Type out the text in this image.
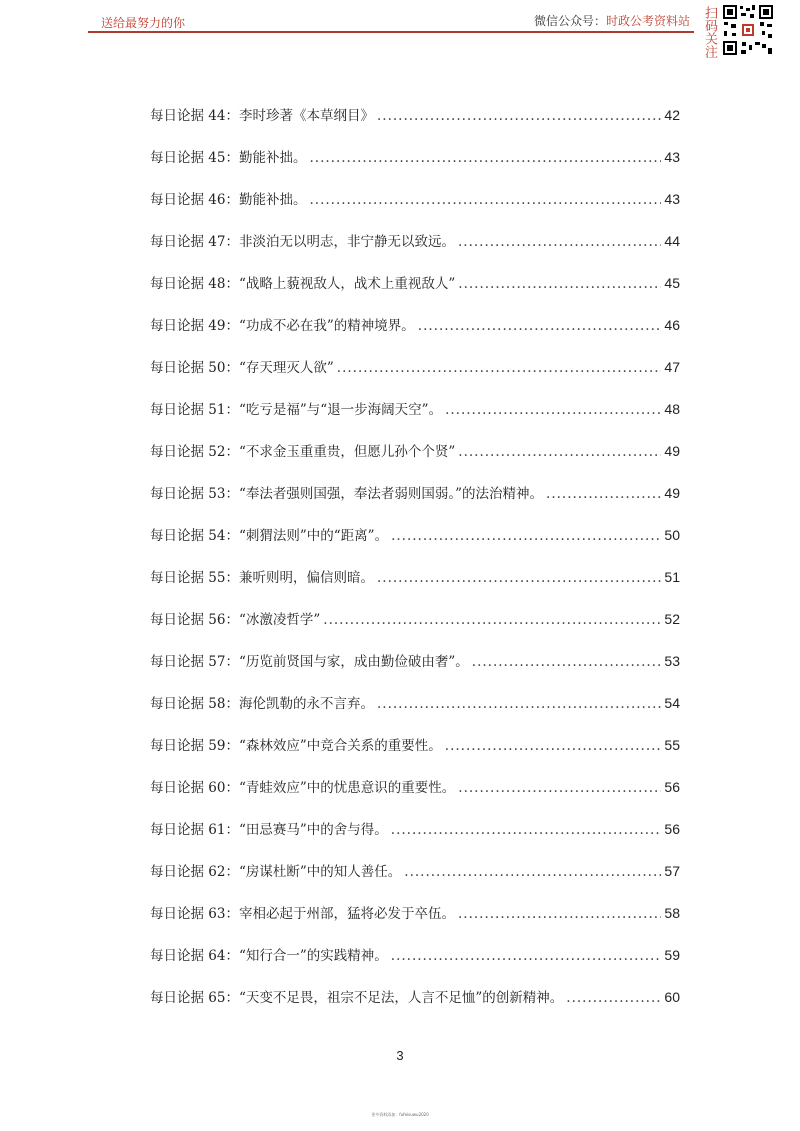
送给最努力的你	微信公众号：时政公考资料站 扫码关注
每日论据 44：李时珍著《本草纲目》 .....	42
每日论据 45：勤能补拙。 .....	43
每日论据 46：勤能补拙。 .....	43
每日论据 47：非淡泊无以明志，非宁静无以致远。 .....	44
每日论据 48：“战略上藐视敌人，战术上重视敌人” .....	45
每日论据 49：“功成不必在我”的精神境界。 .....	46
每日论据 50：“存天理灭人欲” .....	47
每日论据 51：“吃亏是福”与“退一步海阔天空”。 .....	48
每日论据 52：“不求金玉重重贵，但愿儿孙个个贤” .....	49
每日论据 53：“奉法者强则国强，奉法者弱则国弱。”的法治精神。 .....	49
每日论据 54：“刺猬法则”中的“距离”。 .....	50
每日论据 55：兼听则明，偏信则暗。 .....	51
每日论据 56：“冰激凌哲学” .....	52
每日论据 57：“历览前贤国与家，成由勤俭破由奢”。 .....	53
每日论据 58：海伦凯勒的永不言弃。 .....	54
每日论据 59：“森林效应”中竞合关系的重要性。 .....	55
每日论据 60：“青蛙效应”中的忧患意识的重要性。 .....	56
每日论据 61：“田忌赛马”中的舍与得。 .....	56
每日论据 62：“房谋杜断”中的知人善任。 .....	57
每日论据 63：宰相必起于州部，猛将必发于卒伍。 .....	58
每日论据 64：“知行合一”的实践精神。 .....	59
每日论据 65：“天变不足畏，祖宗不足法，人言不足恤”的创新精神。 .....	60
3
更多资料添加：fufeisuwu2020
